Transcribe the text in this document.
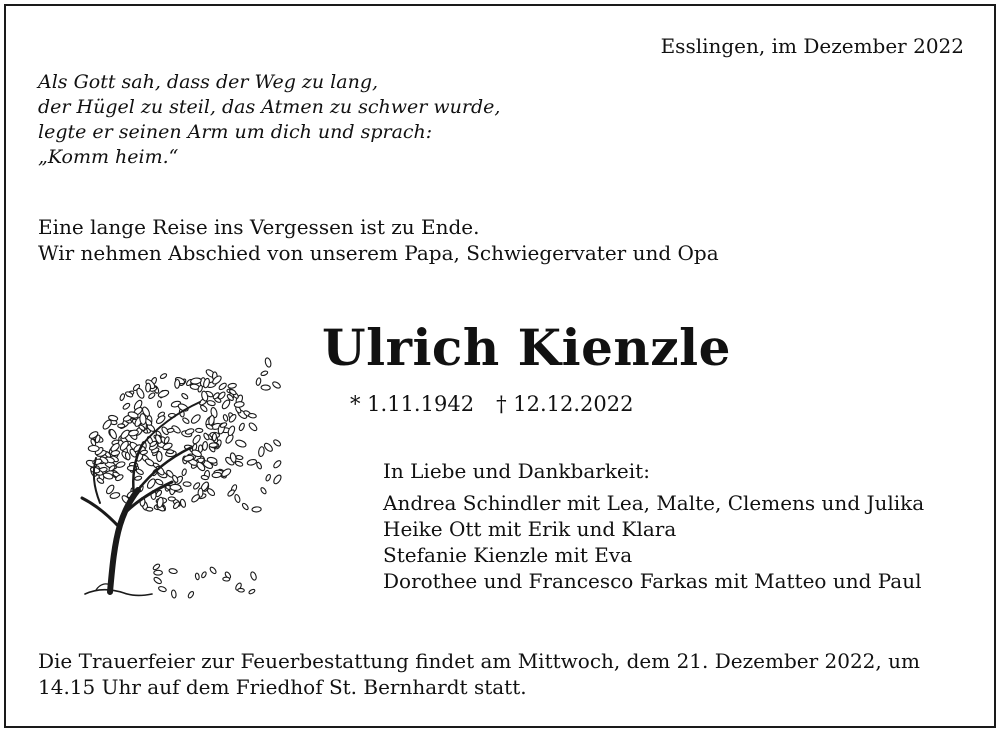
Esslingen, im Dezember 2022
Als Gott sah, dass der Weg zu lang,
der Hügel zu steil, das Atmen zu schwer wurde,
legte er seinen Arm um dich und sprach:
„Komm heim.“
Eine lange Reise ins Vergessen ist zu Ende.
Wir nehmen Abschied von unserem Papa, Schwiegervater und Opa
Ulrich Kienzle
* 1.11.1942 † 12.12.2022
In Liebe und Dankbarkeit:
Andrea Schindler mit Lea, Malte, Clemens und Julika
Heike Ott mit Erik und Klara
Stefanie Kienzle mit Eva
Dorothee und Francesco Farkas mit Matteo und Paul
Die Trauerfeier zur Feuerbestattung findet am Mittwoch, dem 21. Dezember 2022, um
14.15 Uhr auf dem Friedhof St. Bernhardt statt.
